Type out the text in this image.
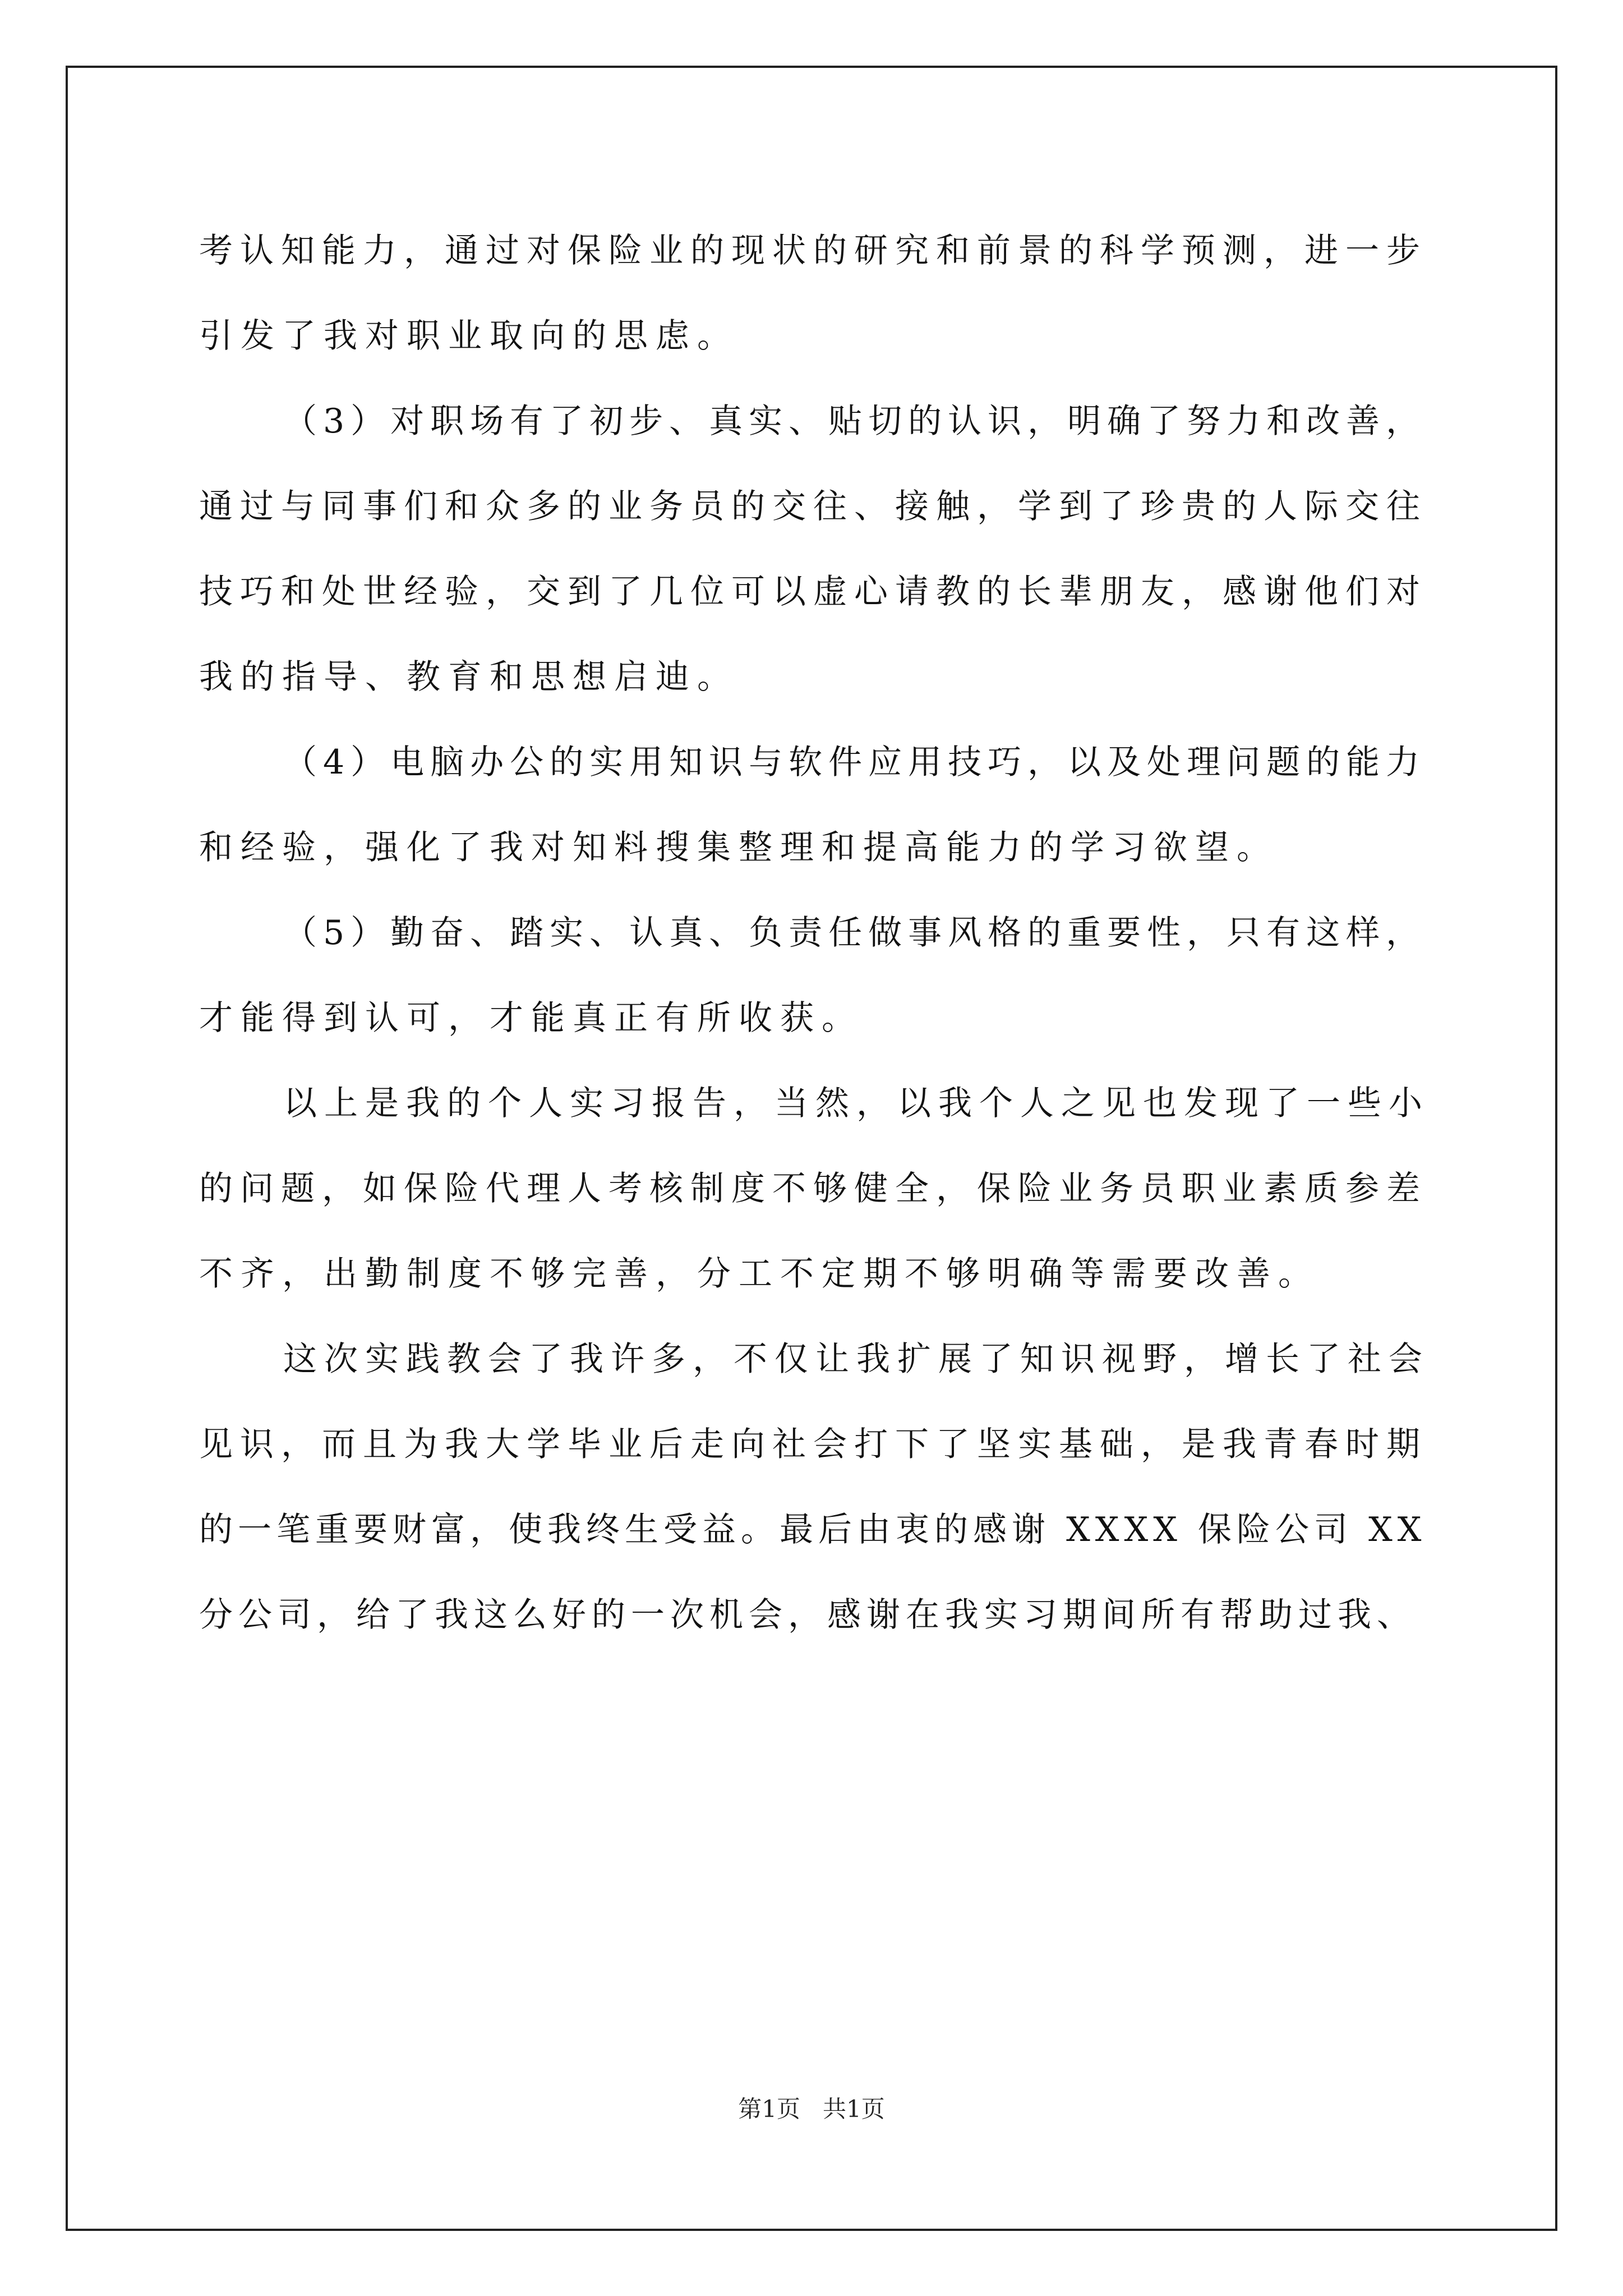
考认知能力，通过对保险业的现状的研究和前景的科学预测，进一步
引发了我对职业取向的思虑。
（3）对职场有了初步、真实、贴切的认识，明确了努力和改善，
通过与同事们和众多的业务员的交往、接触，学到了珍贵的人际交往
技巧和处世经验，交到了几位可以虚心请教的长辈朋友，感谢他们对
我的指导、教育和思想启迪。
（4）电脑办公的实用知识与软件应用技巧，以及处理问题的能力
和经验，强化了我对知料搜集整理和提高能力的学习欲望。
（5）勤奋、踏实、认真、负责任做事风格的重要性，只有这样，
才能得到认可，才能真正有所收获。
以上是我的个人实习报告，当然，以我个人之见也发现了一些小
的问题，如保险代理人考核制度不够健全，保险业务员职业素质参差
不齐，出勤制度不够完善，分工不定期不够明确等需要改善。
这次实践教会了我许多，不仅让我扩展了知识视野，增长了社会
见识，而且为我大学毕业后走向社会打下了坚实基础，是我青春时期
的一笔重要财富，使我终生受益。最后由衷的感谢 XXXX 保险公司 XX
分公司，给了我这么好的一次机会，感谢在我实习期间所有帮助过我、
第1页   共1页
